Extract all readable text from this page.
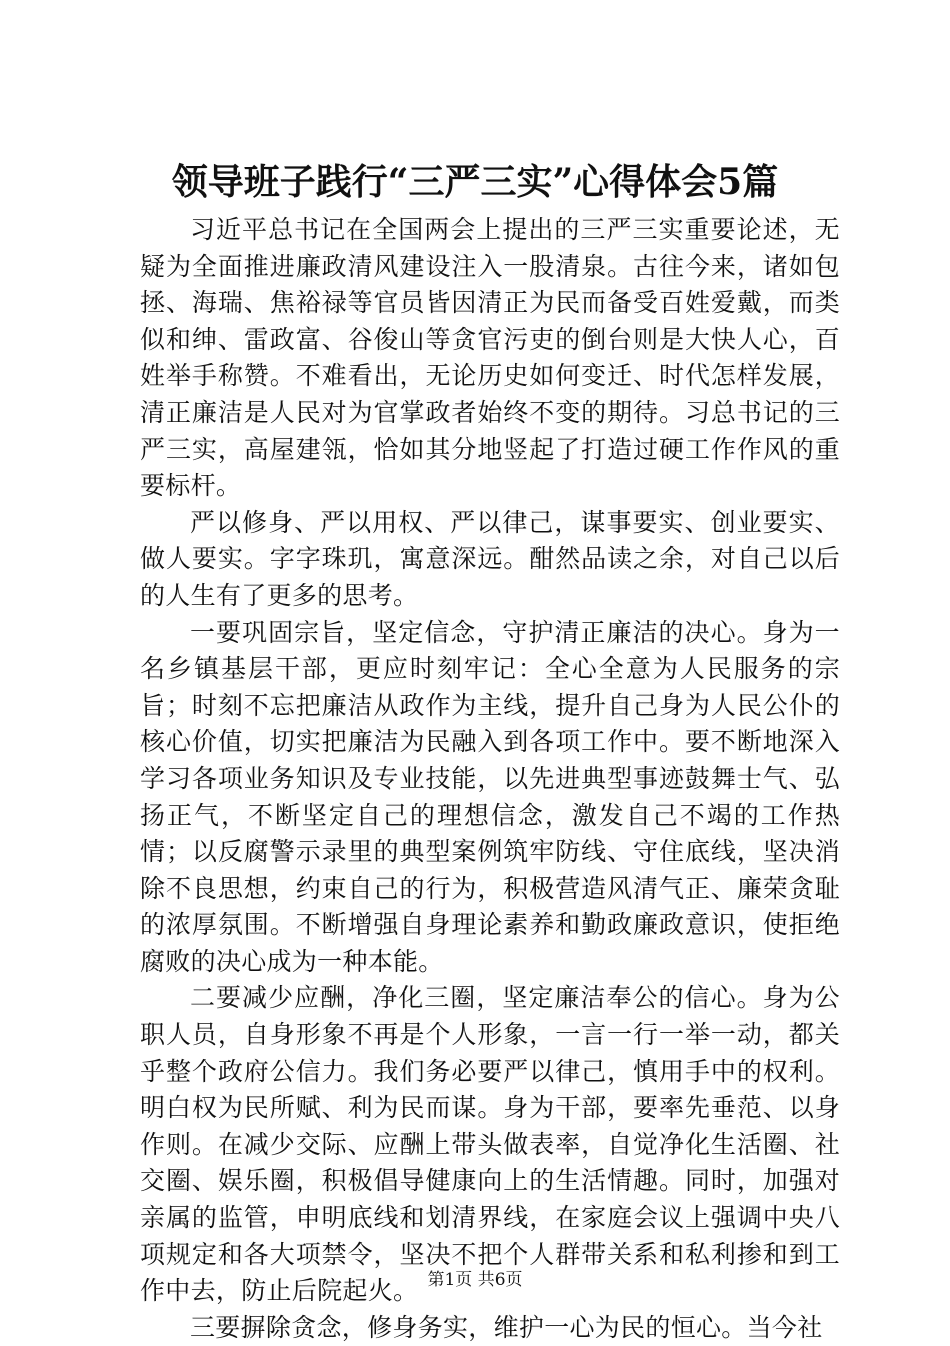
领导班子践行“三严三实”心得体会5篇

习近平总书记在全国两会上提出的三严三实重要论述，无疑为全面推进廉政清风建设注入一股清泉。古往今来，诸如包拯、海瑞、焦裕禄等官员皆因清正为民而备受百姓爱戴，而类似和绅、雷政富、谷俊山等贪官污吏的倒台则是大快人心，百姓举手称赞。不难看出，无论历史如何变迁、时代怎样发展，清正廉洁是人民对为官掌政者始终不变的期待。习总书记的三严三实，高屋建瓴，恰如其分地竖起了打造过硬工作作风的重要标杆。

严以修身、严以用权、严以律己，谋事要实、创业要实、做人要实。字字珠玑，寓意深远。酣然品读之余，对自己以后的人生有了更多的思考。

一要巩固宗旨，坚定信念，守护清正廉洁的决心。身为一名乡镇基层干部，更应时刻牢记：全心全意为人民服务的宗旨；时刻不忘把廉洁从政作为主线，提升自己身为人民公仆的核心价值，切实把廉洁为民融入到各项工作中。要不断地深入学习各项业务知识及专业技能，以先进典型事迹鼓舞士气、弘扬正气，不断坚定自己的理想信念，激发自己不竭的工作热情；以反腐警示录里的典型案例筑牢防线、守住底线，坚决消除不良思想，约束自己的行为，积极营造风清气正、廉荣贪耻的浓厚氛围。不断增强自身理论素养和勤政廉政意识，使拒绝腐败的决心成为一种本能。

二要减少应酬，净化三圈，坚定廉洁奉公的信心。身为公职人员，自身形象不再是个人形象，一言一行一举一动，都关乎整个政府公信力。我们务必要严以律己，慎用手中的权利。明白权为民所赋、利为民而谋。身为干部，要率先垂范、以身作则。在减少交际、应酬上带头做表率，自觉净化生活圈、社交圈、娱乐圈，积极倡导健康向上的生活情趣。同时，加强对亲属的监管，申明底线和划清界线，在家庭会议上强调中央八项规定和各大项禁令，坚决不把个人群带关系和私利掺和到工作中去，防止后院起火。

三要摒除贪念，修身务实，维护一心为民的恒心。当今社

第1页 共6页
